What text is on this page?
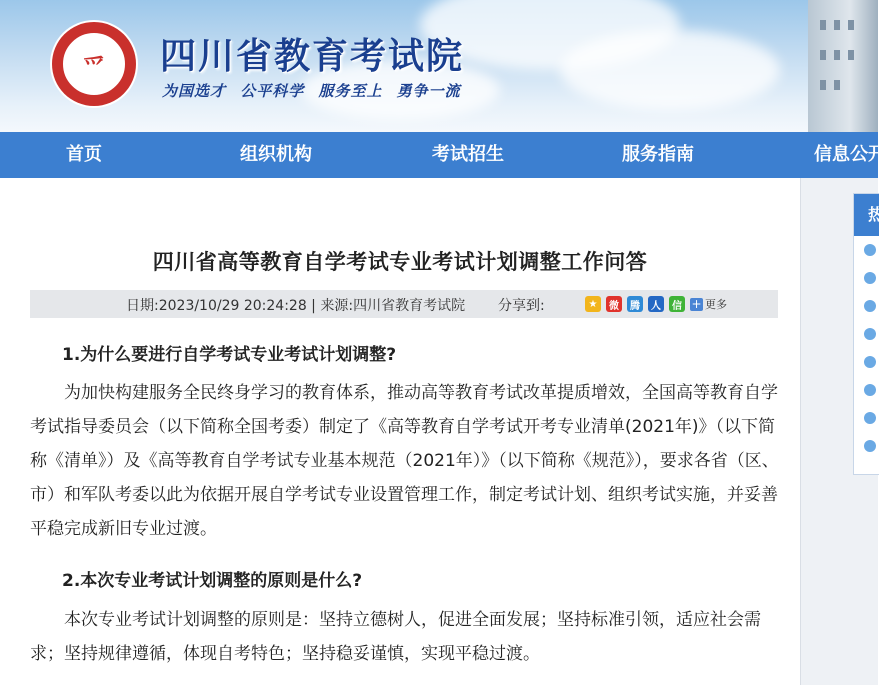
爫	四川省教育考试院
为国选才 公平科学 服务至上 勇争一流
首页	组织机构	考试招生	服务指南	信息公开
四川省高等教育自学考试专业考试计划调整工作问答
日期:2023/10/29 20:24:28 | 来源:四川省教育考试院 分享到:	★	微	腾	人	信 + 更多
1.为什么要进行自学考试专业考试计划调整?

为加快构建服务全民终身学习的教育体系，推动高等教育考试改革提质增效，全国高等教育自学考试指导委员会（以下简称全国考委）制定了《高等教育自学考试开考专业清单(2021年)》（以下简称《清单》）及《高等教育自学考试专业基本规范（2021年）》（以下简称《规范》），要求各省（区、市）和军队考委以此为依据开展自学考试专业设置管理工作，制定考试计划、组织考试实施，并妥善平稳完成新旧专业过渡。

2.本次专业考试计划调整的原则是什么?

本次专业考试计划调整的原则是：坚持立德树人，促进全面发展；坚持标准引领，适应社会需求；坚持规律遵循，体现自考特色；坚持稳妥谨慎，实现平稳过渡。

热
